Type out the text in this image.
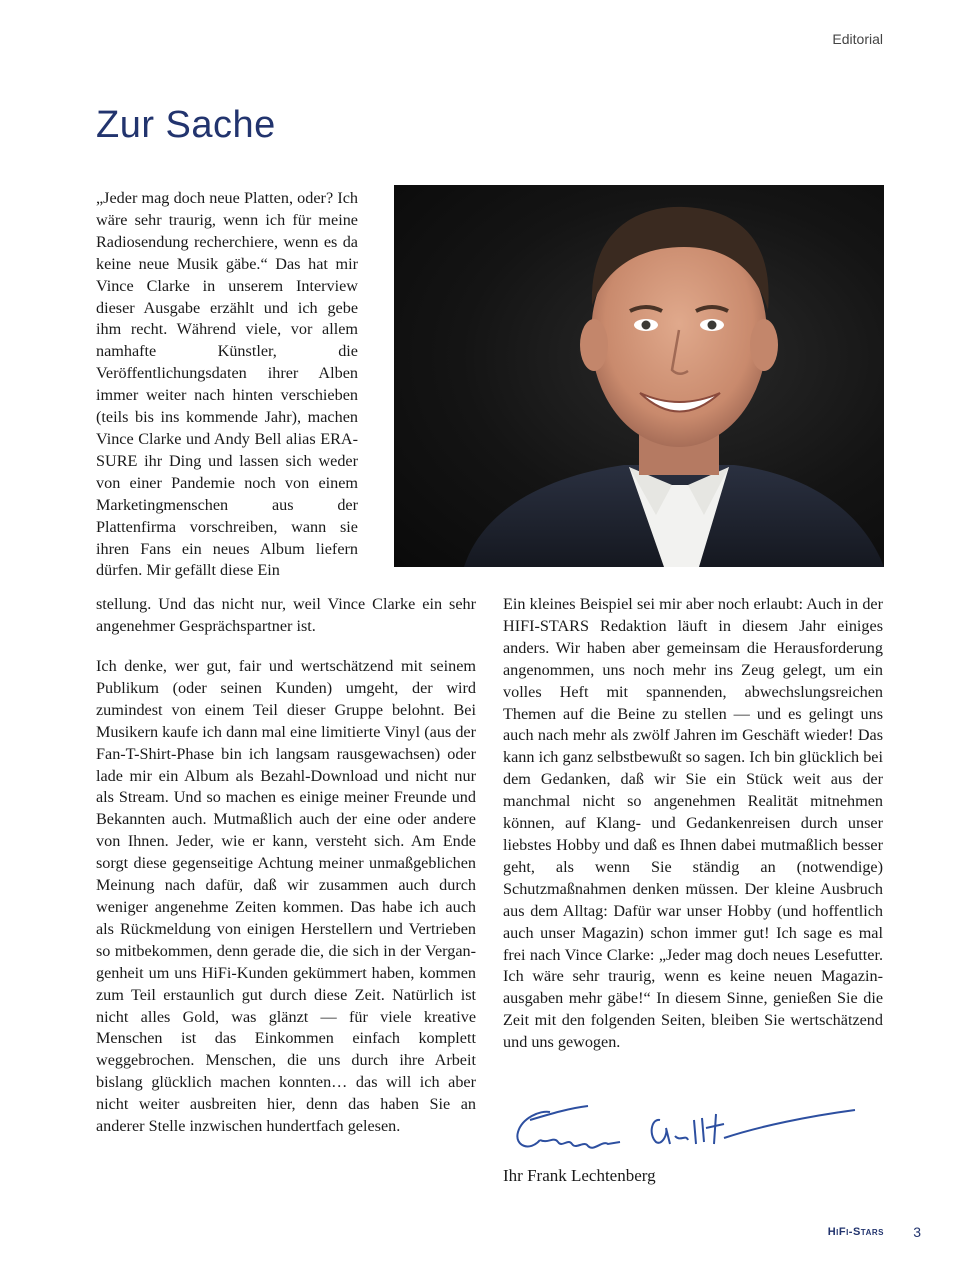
Editorial
Zur Sache

„Jeder mag doch neue Platten, oder? Ich wäre sehr traurig, wenn ich für meine Radiosendung recherchiere, wenn es da keine neue Musik gäbe.“ Das hat mir Vince Clarke in unserem Interview dieser Ausgabe erzählt und ich gebe ihm recht. Während viele, vor allem namhafte Künstler, die Veröffentlichungsdaten ihrer Alben immer weiter nach hinten verschieben (teils bis ins kommende Jahr), machen Vince Clarke und Andy Bell alias ERASURE ihr Ding und lassen sich weder von einer Pandemie noch von einem Marketingmenschen aus der Plattenfirma vorschreiben, wann sie ihren Fans ein neues Album liefern dürfen. Mir gefällt diese Ein

stellung. Und das nicht nur, weil Vince Clarke ein sehr angenehmer Gesprächspartner ist.

Ich denke, wer gut, fair und wertschätzend mit seinem Publikum (oder seinen Kunden) umgeht, der wird zumindest von einem Teil dieser Gruppe belohnt. Bei Musikern kaufe ich dann mal eine limitierte Vinyl (aus der Fan-T-Shirt-Phase bin ich langsam rausgewachsen) oder lade mir ein Album als Bezahl-Download und nicht nur als Stream. Und so machen es einige meiner Freunde und Bekannten auch. Mutmaßlich auch der eine oder andere von Ihnen. Jeder, wie er kann, versteht sich. Am Ende sorgt diese gegenseitige Achtung meiner unmaßgeblichen Meinung nach dafür, daß wir zusammen auch durch weniger angenehme Zeiten kommen. Das habe ich auch als Rückmeldung von einigen Herstellern und Vertrieben so mitbekommen, denn gerade die, die sich in der Vergangenheit um uns HiFi-Kunden gekümmert haben, kommen zum Teil erstaunlich gut durch diese Zeit. Natürlich ist nicht alles Gold, was glänzt — für viele kreative Menschen ist das Einkommen einfach komplett weggebrochen. Menschen, die uns durch ihre Arbeit bislang glücklich machen konnten… das will ich aber nicht weiter ausbreiten hier, denn das haben Sie an anderer Stelle inzwischen hundertfach gelesen.

Ein kleines Beispiel sei mir aber noch erlaubt: Auch in der HIFI-STARS Redaktion läuft in diesem Jahr einiges anders. Wir haben aber gemeinsam die Herausforderung angenommen, uns noch mehr ins Zeug gelegt, um ein volles Heft mit spannenden, abwechslungsreichen Themen auf die Beine zu stellen — und es gelingt uns auch nach mehr als zwölf Jahren im Geschäft wieder! Das kann ich ganz selbstbewußt so sagen. Ich bin glücklich bei dem Gedanken, daß wir Sie ein Stück weit aus der manchmal nicht so angenehmen Realität mitnehmen können, auf Klang- und Gedankenreisen durch unser liebstes Hobby und daß es Ihnen dabei mutmaßlich besser geht, als wenn Sie ständig an (notwendige) Schutzmaßnahmen denken müssen. Der kleine Ausbruch aus dem Alltag: Dafür war unser Hobby (und hoffentlich auch unser Magazin) schon immer gut! Ich sage es mal frei nach Vince Clarke: „Jeder mag doch neues Lesefutter. Ich wäre sehr traurig, wenn es keine neuen Magazinausgaben mehr gäbe!“ In diesem Sinne, genießen Sie die Zeit mit den folgenden Seiten, bleiben Sie wertschätzend und uns gewogen.

Ihr Frank Lechtenberg

HiFi-Stars 3
